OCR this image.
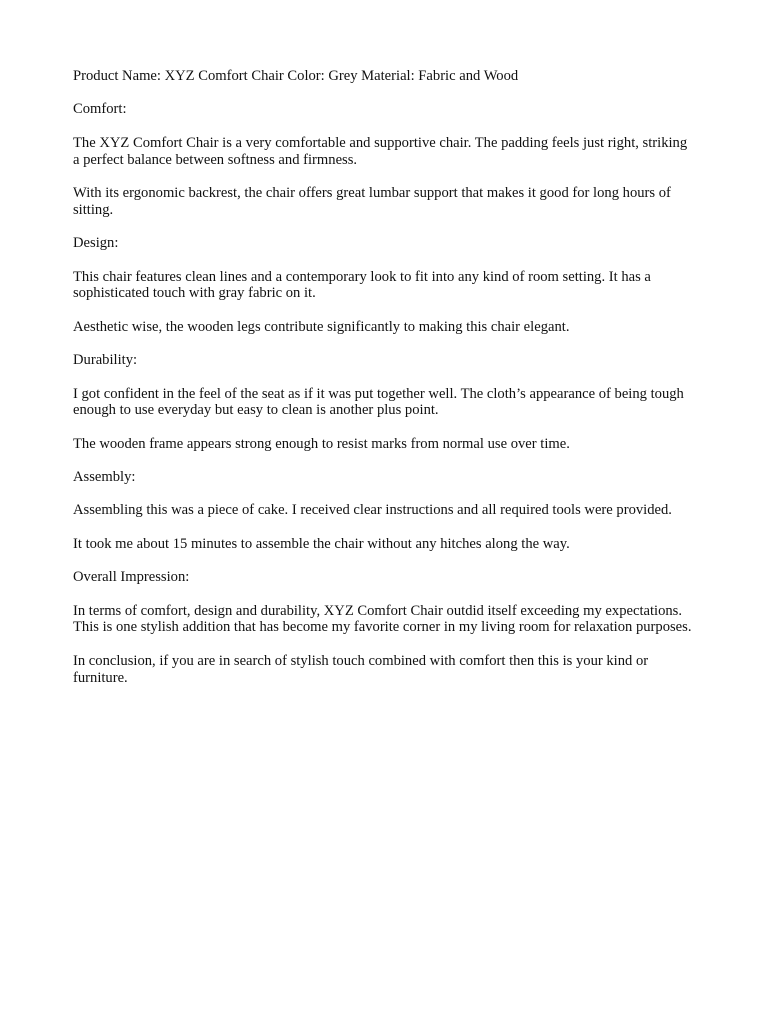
Product Name: XYZ Comfort Chair Color: Grey Material: Fabric and Wood

Comfort:

The XYZ Comfort Chair is a very comfortable and supportive chair. The padding feels just right, striking a perfect balance between softness and firmness.

With its ergonomic backrest, the chair offers great lumbar support that makes it good for long hours of sitting.

Design:

This chair features clean lines and a contemporary look to fit into any kind of room setting. It has a sophisticated touch with gray fabric on it.

Aesthetic wise, the wooden legs contribute significantly to making this chair elegant.

Durability:

I got confident in the feel of the seat as if it was put together well. The cloth’s appearance of being tough enough to use everyday but easy to clean is another plus point.

The wooden frame appears strong enough to resist marks from normal use over time.

Assembly:

Assembling this was a piece of cake. I received clear instructions and all required tools were provided.

It took me about 15 minutes to assemble the chair without any hitches along the way.

Overall Impression:

In terms of comfort, design and durability, XYZ Comfort Chair outdid itself exceeding my expectations. This is one stylish addition that has become my favorite corner in my living room for relaxation purposes.

In conclusion, if you are in search of stylish touch combined with comfort then this is your kind or furniture.
